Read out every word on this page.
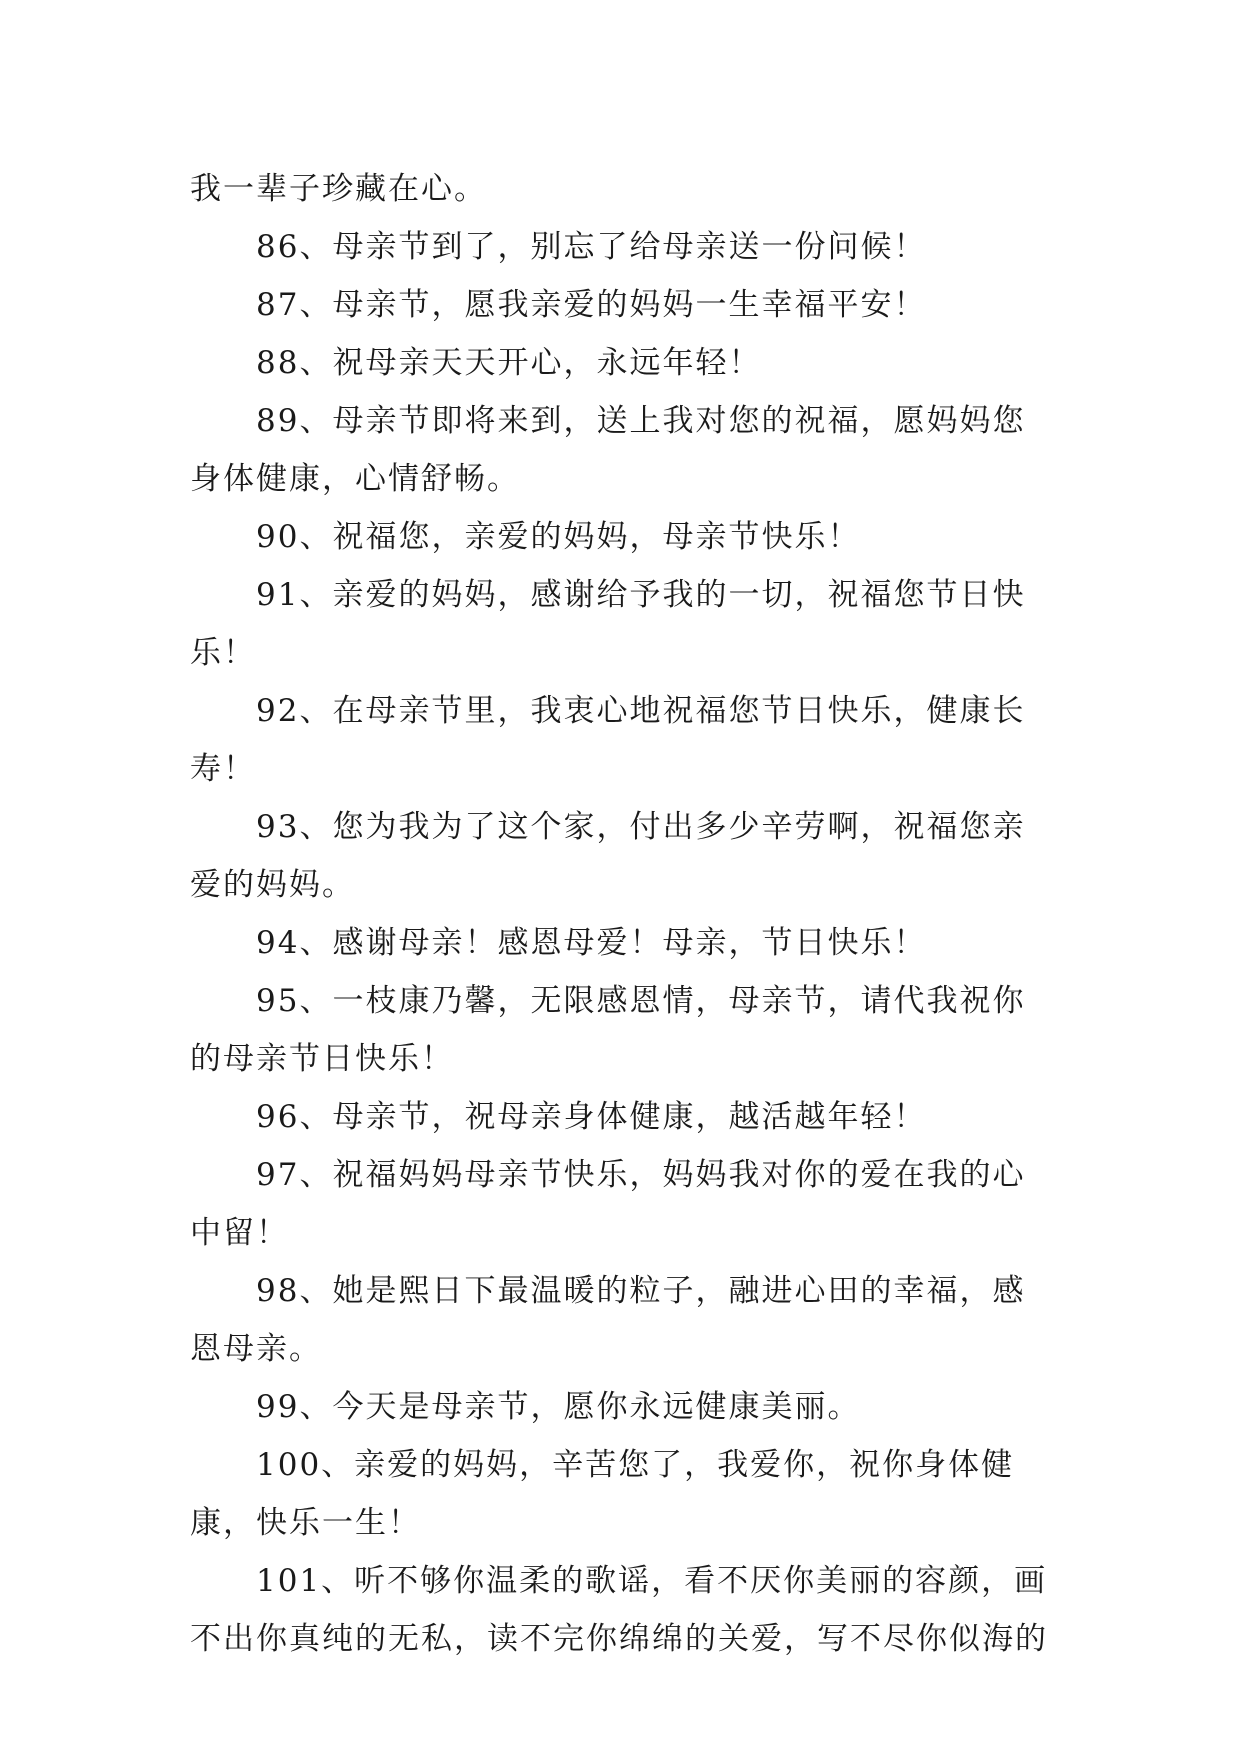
我一辈子珍藏在心。

86、母亲节到了，别忘了给母亲送一份问候！

87、母亲节，愿我亲爱的妈妈一生幸福平安！

88、祝母亲天天开心，永远年轻！

89、母亲节即将来到，送上我对您的祝福，愿妈妈您身体健康，心情舒畅。

90、祝福您，亲爱的妈妈，母亲节快乐！

91、亲爱的妈妈，感谢给予我的一切，祝福您节日快乐！

92、在母亲节里，我衷心地祝福您节日快乐，健康长寿！

93、您为我为了这个家，付出多少辛劳啊，祝福您亲爱的妈妈。

94、感谢母亲！感恩母爱！母亲，节日快乐！

95、一枝康乃馨，无限感恩情，母亲节，请代我祝你的母亲节日快乐！

96、母亲节，祝母亲身体健康，越活越年轻！

97、祝福妈妈母亲节快乐，妈妈我对你的爱在我的心中留！

98、她是熙日下最温暖的粒子，融进心田的幸福，感恩母亲。

99、今天是母亲节，愿你永远健康美丽。

100、亲爱的妈妈，辛苦您了，我爱你，祝你身体健康，快乐一生！

101、听不够你温柔的歌谣，看不厌你美丽的容颜，画不出你真纯的无私，读不完你绵绵的关爱，写不尽你似海的
